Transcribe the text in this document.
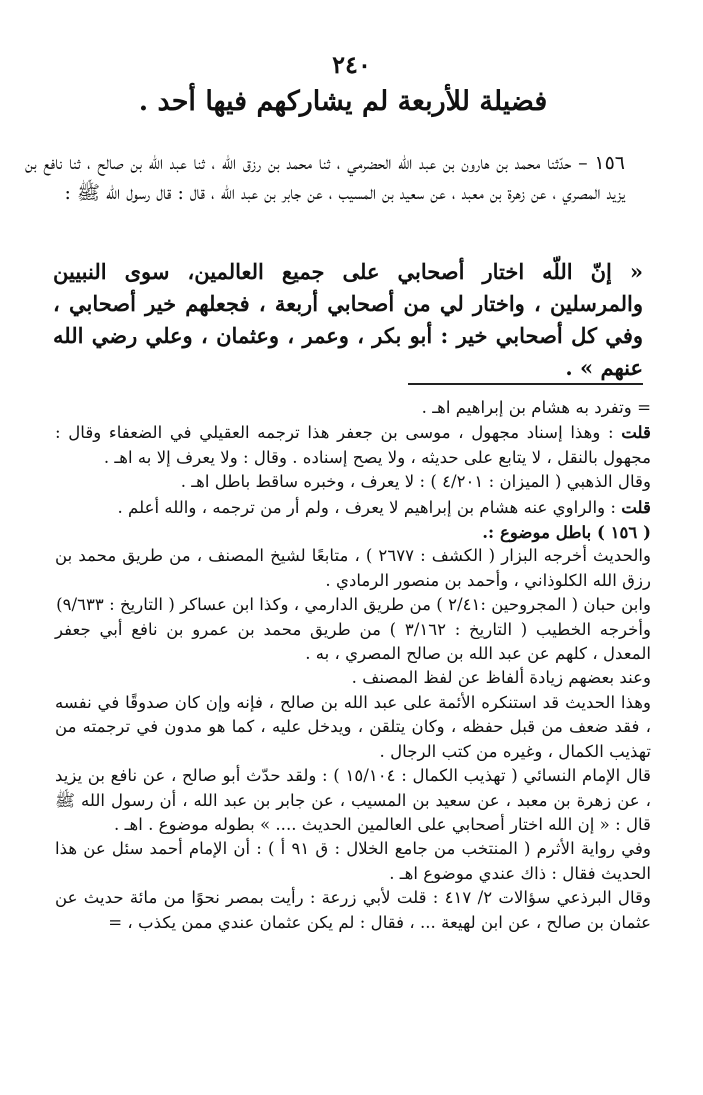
٢٤٠
فضيلة للأربعة لم يشاركهم فيها أحد .
١٥٦ – حدّثنا محمد بن هارون بن عبد الله الحضرمي ، ثنا محمد بن رزق الله ، ثنا عبد الله بن صالح ، ثنا نافع بن يزيد المصري ، عن زهرة بن معبد ، عن سعيد بن المسيب ، عن جابر بن عبد الله ، قال : قال رسول الله ﷺ :
« إنّ اللّه اختار أصحابي على جميع العالمين، سوى النبيين والمرسلين ، واختار لي من أصحابي أربعة ، فجعلهم خير أصحابي ، وفي كل أصحابي خير : أبو بكر ، وعمر ، وعثمان ، وعلي رضي الله عنهم » .

= وتفرد به هشام بن إبراهيم اهـ .

قلت : وهذا إسناد مجهول ، موسى بن جعفر هذا ترجمه العقيلي في الضعفاء وقال : مجهول بالنقل ، لا يتابع على حديثه ، ولا يصح إسناده . وقال : ولا يعرف إلا به اهـ .

وقال الذهبي ( الميزان : ٤/٢٠١ ) : لا يعرف ، وخبره ساقط باطل اهـ .

قلت : والراوي عنه هشام بن إبراهيم لا يعرف ، ولم أر من ترجمه ، والله أعلم .

( ١٥٦ ) باطل موضوع :.

والحديث أخرجه البزار ( الكشف : ٢٦٧٧ ) ، متابعًا لشيخ المصنف ، من طريق محمد بن رزق الله الكلوذاني ، وأحمد بن منصور الرمادي .

وابن حبان ( المجروحين :٢/٤١ ) من طريق الدارمي ، وكذا ابن عساكر ( التاريخ : ٩/٦٣٣)

وأخرجه الخطيب ( التاريخ : ٣/١٦٢ ) من طريق محمد بن عمرو بن نافع أبي جعفر المعدل ، كلهم عن عبد الله بن صالح المصري ، به .

وعند بعضهم زيادة ألفاظ عن لفظ المصنف .

وهذا الحديث قد استنكره الأئمة على عبد الله بن صالح ، فإنه وإن كان صدوقًا في نفسه ، فقد ضعف من قبل حفظه ، وكان يتلقن ، ويدخل عليه ، كما هو مدون في ترجمته من تهذيب الكمال ، وغيره من كتب الرجال .

قال الإمام النسائي ( تهذيب الكمال : ١٥/١٠٤ ) : ولقد حدّث أبو صالح ، عن نافع بن يزيد ، عن زهرة بن معبد ، عن سعيد بن المسيب ، عن جابر بن عبد الله ، أن رسول الله ﷺ قال : « إن الله اختار أصحابي على العالمين الحديث .... » بطوله موضوع . اهـ .

وفي رواية الأثرم ( المنتخب من جامع الخلال : ق ٩١ أ ) : أن الإمام أحمد سئل عن هذا الحديث فقال : ذاك عندي موضوع اهـ .

وقال البرذعي سؤالات ٢/ ٤١٧ : قلت لأبي زرعة : رأيت بمصر نحوًا من مائة حديث عن عثمان بن صالح ، عن ابن لهيعة ... ، فقال : لم يكن عثمان عندي ممن يكذب ، =
